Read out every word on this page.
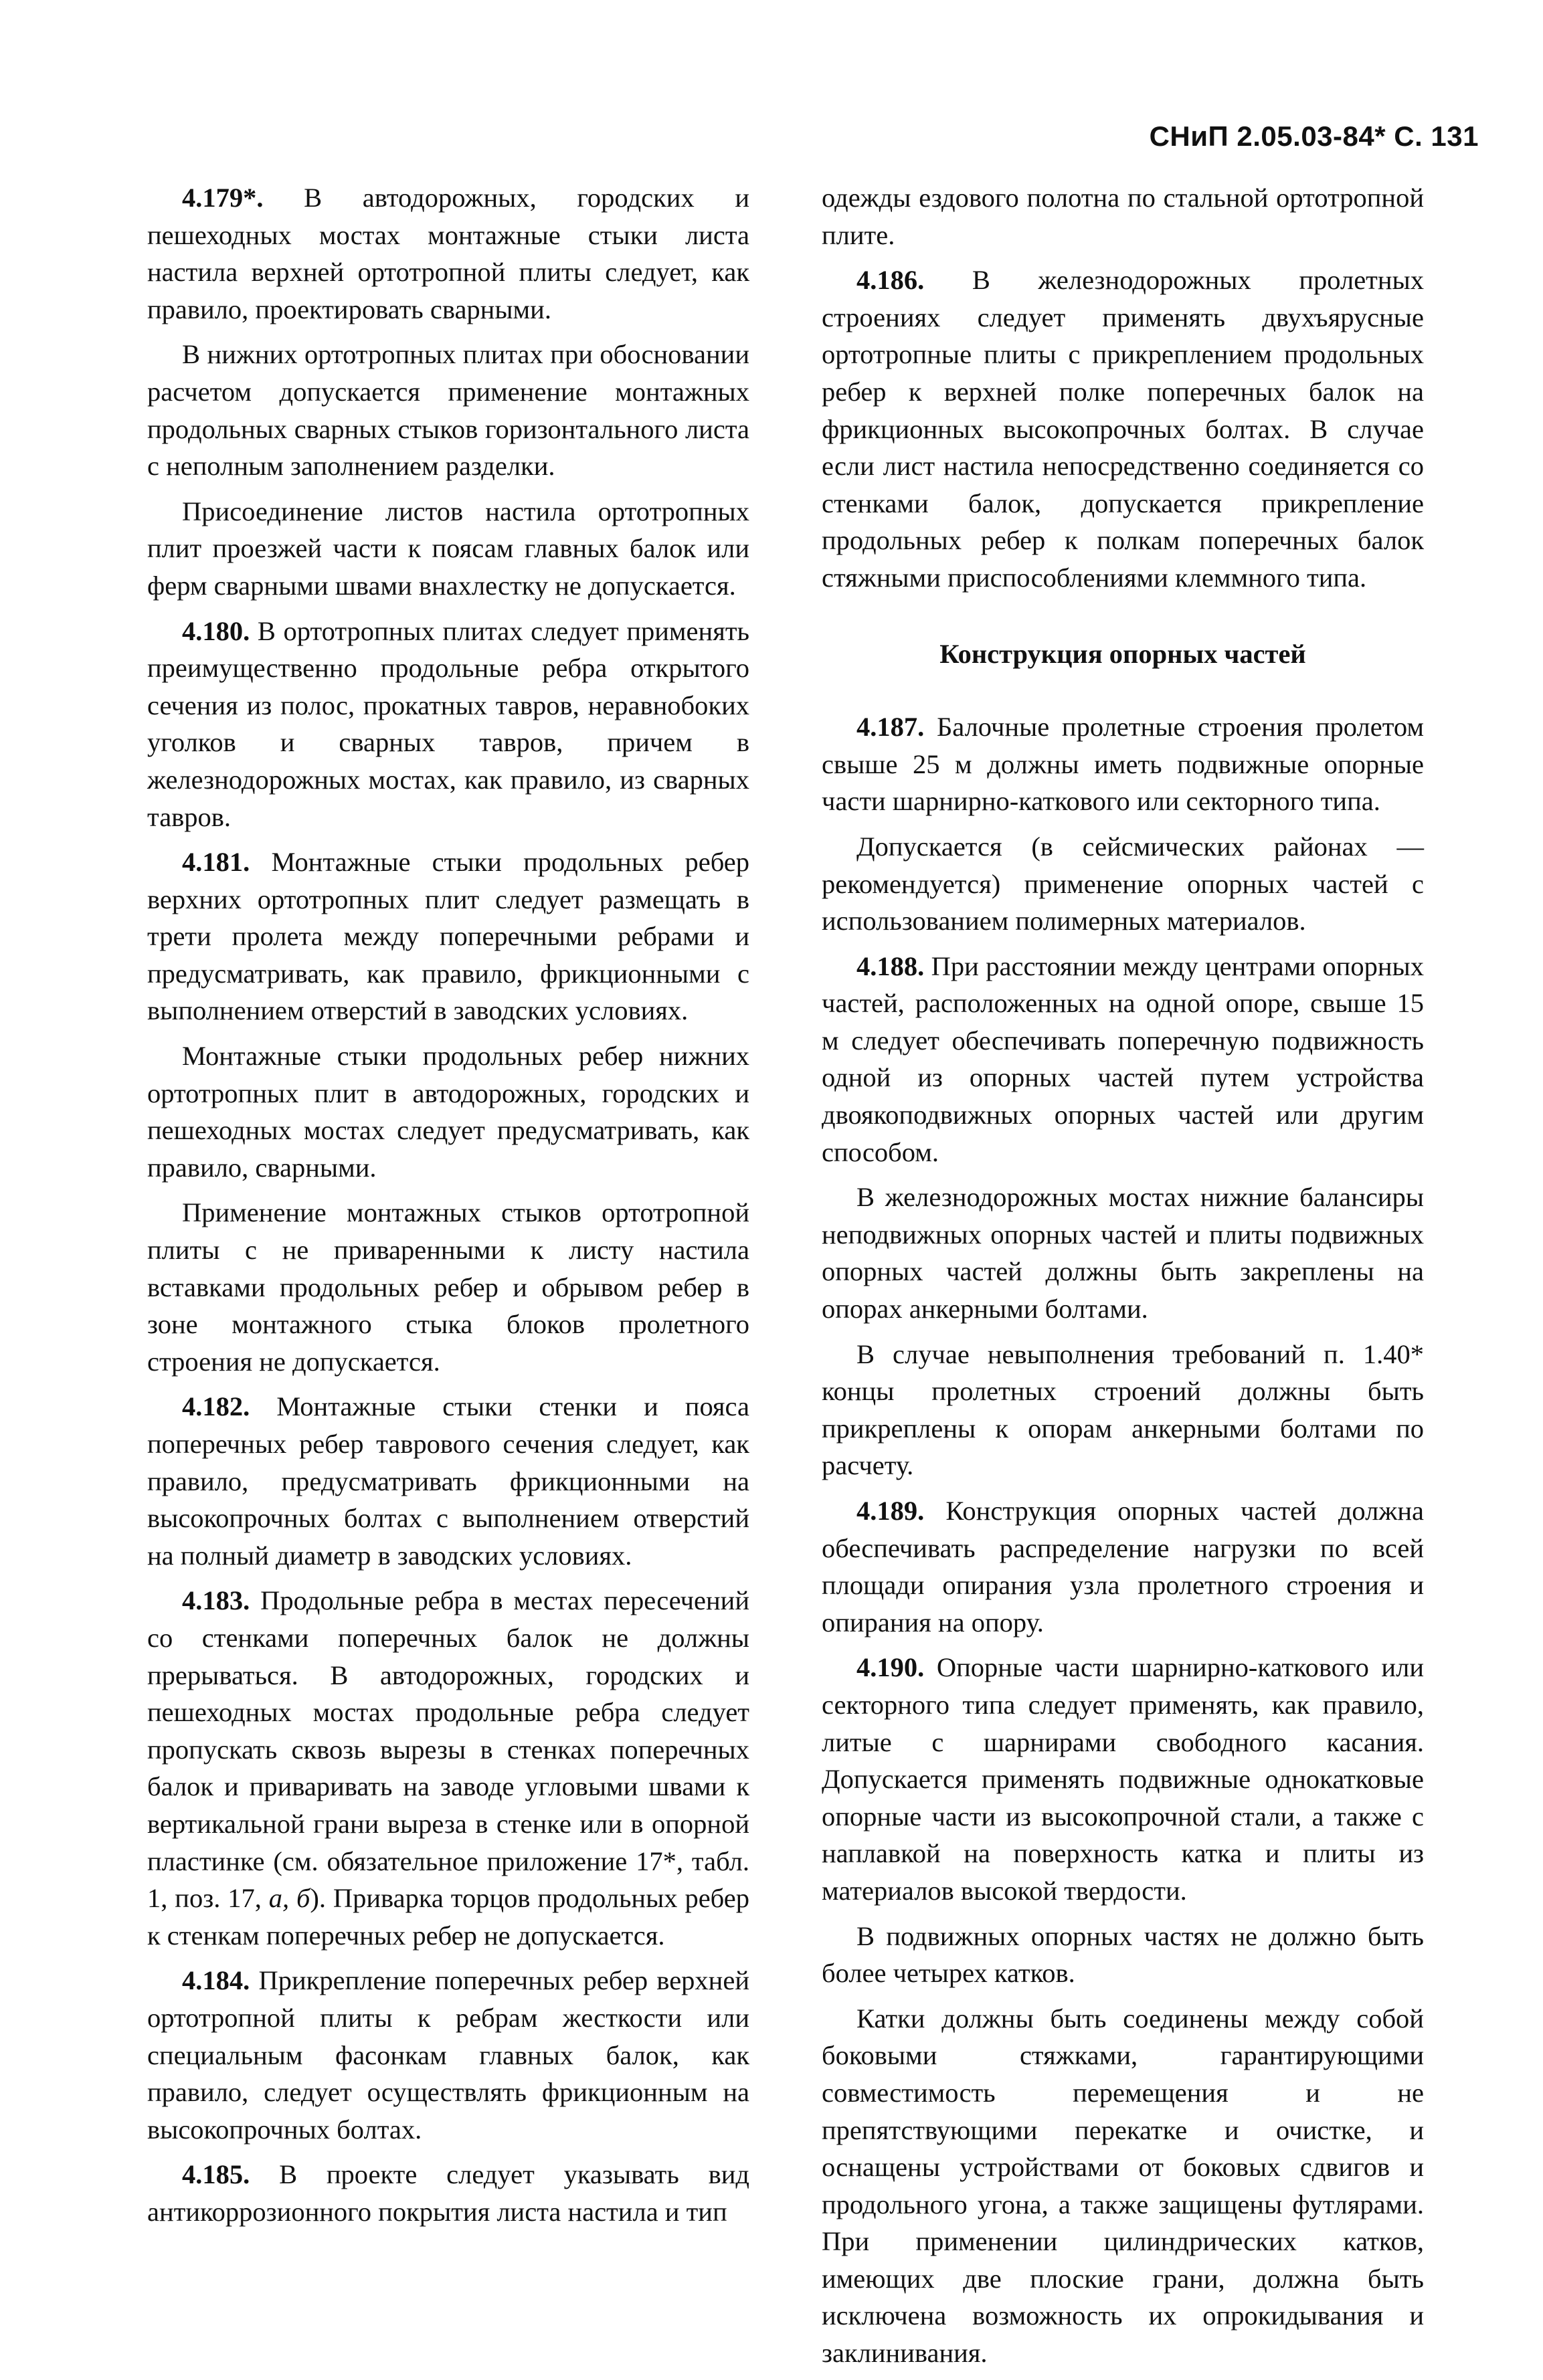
СНиП 2.05.03-84* С. 131

4.179*. В автодорожных, городских и пешеходных мостах монтажные стыки листа настила верхней ортотропной плиты следует, как правило, проектировать сварными.

В нижних ортотропных плитах при обосновании расчетом допускается применение монтажных продольных сварных стыков горизонтального листа с неполным заполнением разделки.

Присоединение листов настила ортотропных плит проезжей части к поясам главных балок или ферм сварными швами внахлестку не допускается.

4.180. В ортотропных плитах следует применять преимущественно продольные ребра открытого сечения из полос, прокатных тавров, неравнобоких уголков и сварных тавров, причем в железнодорожных мостах, как правило, из сварных тавров.

4.181. Монтажные стыки продольных ребер верхних ортотропных плит следует размещать в трети пролета между поперечными ребрами и предусматривать, как правило, фрикционными с выполнением отверстий в заводских условиях.

Монтажные стыки продольных ребер нижних ортотропных плит в автодорожных, городских и пешеходных мостах следует предусматривать, как правило, сварными.

Применение монтажных стыков ортотропной плиты с не приваренными к листу настила вставками продольных ребер и обрывом ребер в зоне монтажного стыка блоков пролетного строения не допускается.

4.182. Монтажные стыки стенки и пояса поперечных ребер таврового сечения следует, как правило, предусматривать фрикционными на высокопрочных болтах с выполнением отверстий на полный диаметр в заводских условиях.

4.183. Продольные ребра в местах пересечений со стенками поперечных балок не должны прерываться. В автодорожных, городских и пешеходных мостах продольные ребра следует пропускать сквозь вырезы в стенках поперечных балок и приваривать на заводе угловыми швами к вертикальной грани выреза в стенке или в опорной пластинке (см. обязательное приложение 17*, табл. 1, поз. 17, а, б). Приварка торцов продольных ребер к стенкам поперечных ребер не допускается.

4.184. Прикрепление поперечных ребер верхней ортотропной плиты к ребрам жесткости или специальным фасонкам главных балок, как правило, следует осуществлять фрикционным на высокопрочных болтах.

4.185. В проекте следует указывать вид антикоррозионного покрытия листа настила и тип

одежды ездового полотна по стальной ортотропной плите.

4.186. В железнодорожных пролетных строениях следует применять двухъярусные ортотропные плиты с прикреплением продольных ребер к верхней полке поперечных балок на фрикционных высокопрочных болтах. В случае если лист настила непосредственно соединяется со стенками балок, допускается прикрепление продольных ребер к полкам поперечных балок стяжными приспособлениями клеммного типа.

Конструкция опорных частей

4.187. Балочные пролетные строения пролетом свыше 25 м должны иметь подвижные опорные части шарнирно-каткового или секторного типа.

Допускается (в сейсмических районах — рекомендуется) применение опорных частей с использованием полимерных материалов.

4.188. При расстоянии между центрами опорных частей, расположенных на одной опоре, свыше 15 м следует обеспечивать поперечную подвижность одной из опорных частей путем устройства двоякоподвижных опорных частей или другим способом.

В железнодорожных мостах нижние балансиры неподвижных опорных частей и плиты подвижных опорных частей должны быть закреплены на опорах анкерными болтами.

В случае невыполнения требований п. 1.40* концы пролетных строений должны быть прикреплены к опорам анкерными болтами по расчету.

4.189. Конструкция опорных частей должна обеспечивать распределение нагрузки по всей площади опирания узла пролетного строения и опирания на опору.

4.190. Опорные части шарнирно-каткового или секторного типа следует применять, как правило, литые с шарнирами свободного касания. Допускается применять подвижные однокатковые опорные части из высокопрочной стали, а также с наплавкой на поверхность катка и плиты из материалов высокой твердости.

В подвижных опорных частях не должно быть более четырех катков.

Катки должны быть соединены между собой боковыми стяжками, гарантирующими совместимость перемещения и не препятствующими перекатке и очистке, и оснащены устройствами от боковых сдвигов и продольного угона, а также защищены футлярами. При применении цилиндрических катков, имеющих две плоские грани, должна быть исключена возможность их опрокидывания и заклинивания.
